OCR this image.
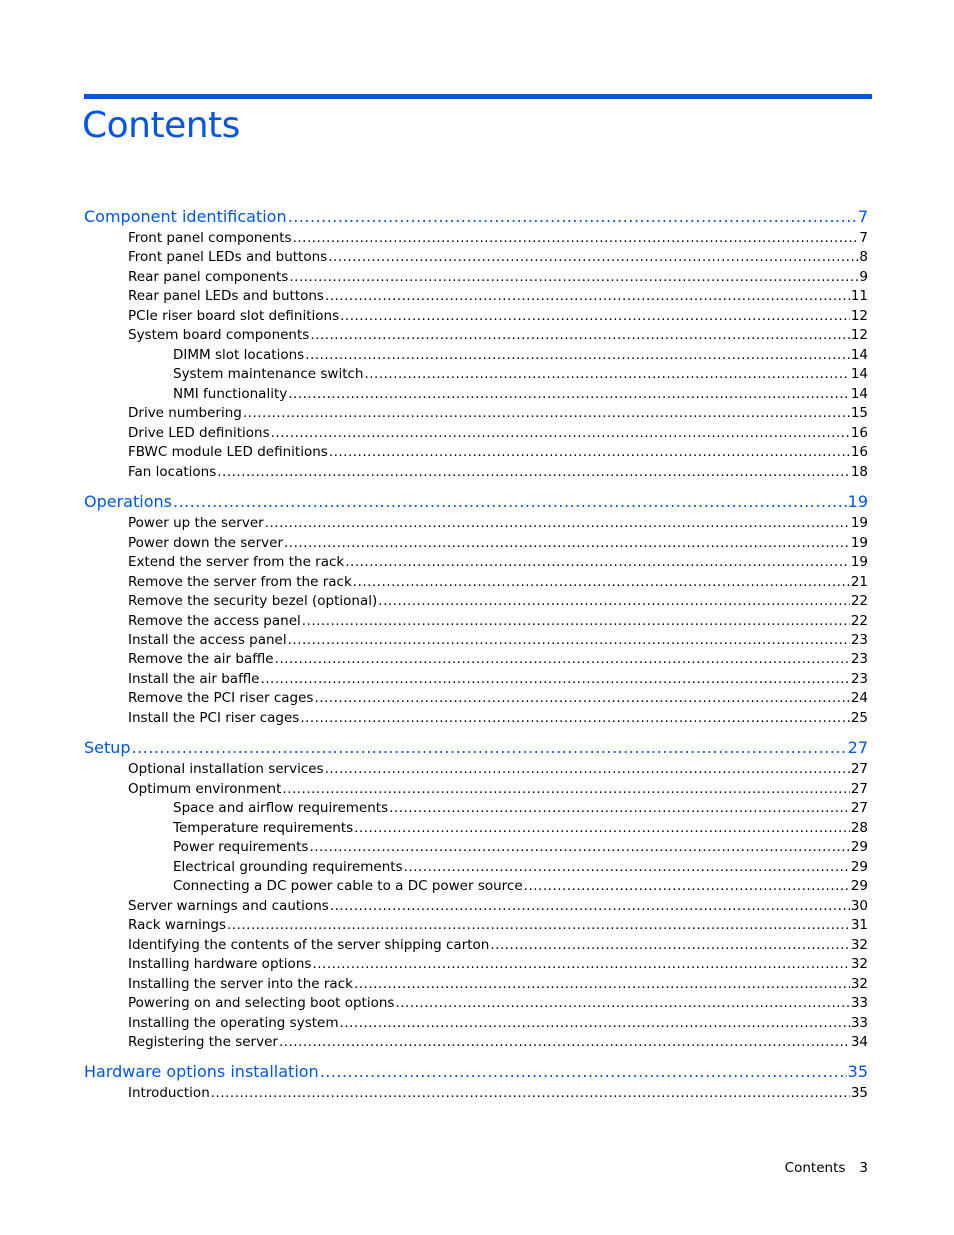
Contents
Component identification .....	7
Front panel components .....	7
Front panel LEDs and buttons .....	8
Rear panel components .....	9
Rear panel LEDs and buttons .....	11
PCIe riser board slot definitions .....	12
System board components .....	12
DIMM slot locations .....	14
System maintenance switch .....	14
NMI functionality .....	14
Drive numbering .....	15
Drive LED definitions .....	16
FBWC module LED definitions .....	16
Fan locations .....	18
Operations .....	19
Power up the server .....	19
Power down the server .....	19
Extend the server from the rack .....	19
Remove the server from the rack .....	21
Remove the security bezel (optional) .....	22
Remove the access panel .....	22
Install the access panel .....	23
Remove the air baffle .....	23
Install the air baffle .....	23
Remove the PCI riser cages .....	24
Install the PCI riser cages .....	25
Setup .....	27
Optional installation services .....	27
Optimum environment .....	27
Space and airflow requirements .....	27
Temperature requirements .....	28
Power requirements .....	29
Electrical grounding requirements .....	29
Connecting a DC power cable to a DC power source .....	29
Server warnings and cautions .....	30
Rack warnings .....	31
Identifying the contents of the server shipping carton .....	32
Installing hardware options .....	32
Installing the server into the rack .....	32
Powering on and selecting boot options .....	33
Installing the operating system .....	33
Registering the server .....	34
Hardware options installation .....	35
Introduction .....	35
Contents 3
